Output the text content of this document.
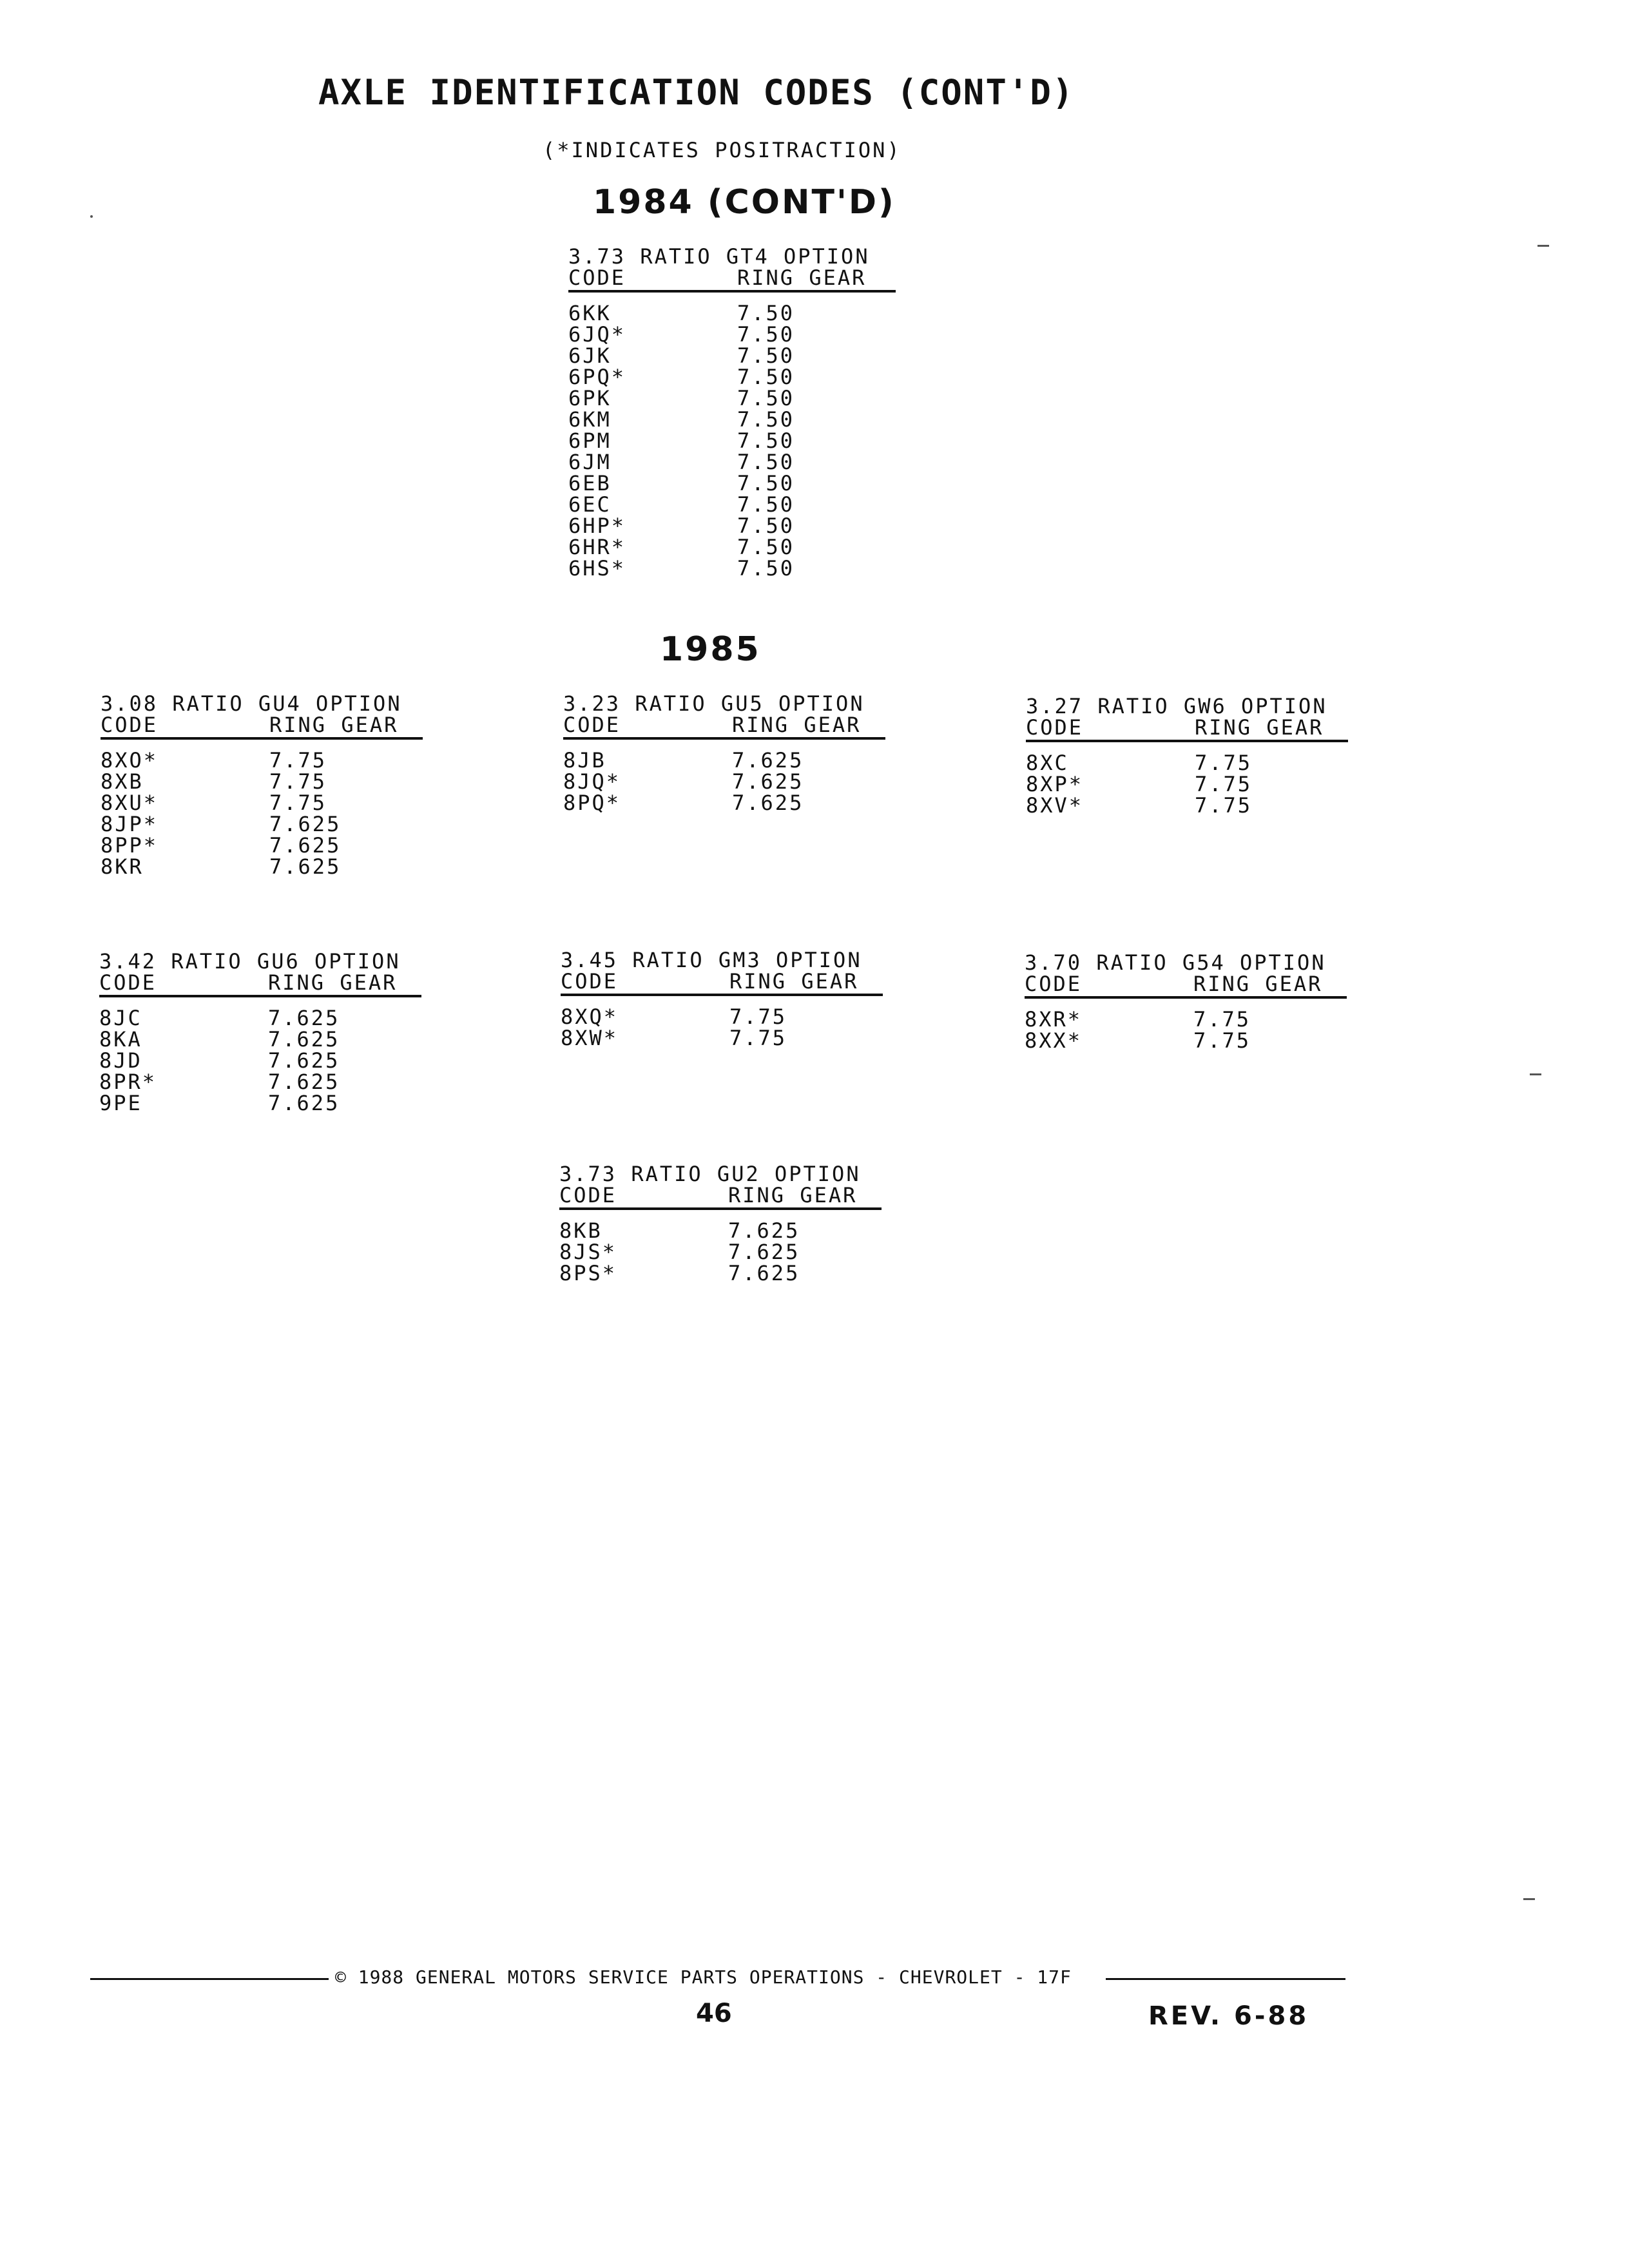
AXLE IDENTIFICATION CODES (CONT'D)
(*INDICATES POSITRACTION)
1984 (CONT'D)
1985
3.73 RATIO GT4 OPTION
CODE	RING GEAR
6KK	7.50
6JQ*	7.50
6JK	7.50
6PQ*	7.50
6PK	7.50
6KM	7.50
6PM	7.50
6JM	7.50
6EB	7.50
6EC	7.50
6HP*	7.50
6HR*	7.50
6HS*	7.50
3.08 RATIO GU4 OPTION
CODE	RING GEAR
8XO*	7.75
8XB	7.75
8XU*	7.75
8JP*	7.625
8PP*	7.625
8KR	7.625
3.23 RATIO GU5 OPTION
CODE	RING GEAR
8JB	7.625
8JQ*	7.625
8PQ*	7.625
3.27 RATIO GW6 OPTION
CODE	RING GEAR
8XC	7.75
8XP*	7.75
8XV*	7.75
3.42 RATIO GU6 OPTION
CODE	RING GEAR
8JC	7.625
8KA	7.625
8JD	7.625
8PR*	7.625
9PE	7.625
3.45 RATIO GM3 OPTION
CODE	RING GEAR
8XQ*	7.75
8XW*	7.75
3.70 RATIO G54 OPTION
CODE	RING GEAR
8XR*	7.75
8XX*	7.75
3.73 RATIO GU2 OPTION
CODE	RING GEAR
8KB	7.625
8JS*	7.625
8PS*	7.625
© 1988 GENERAL MOTORS SERVICE PARTS OPERATIONS - CHEVROLET - 17F
46	REV. 6-88
